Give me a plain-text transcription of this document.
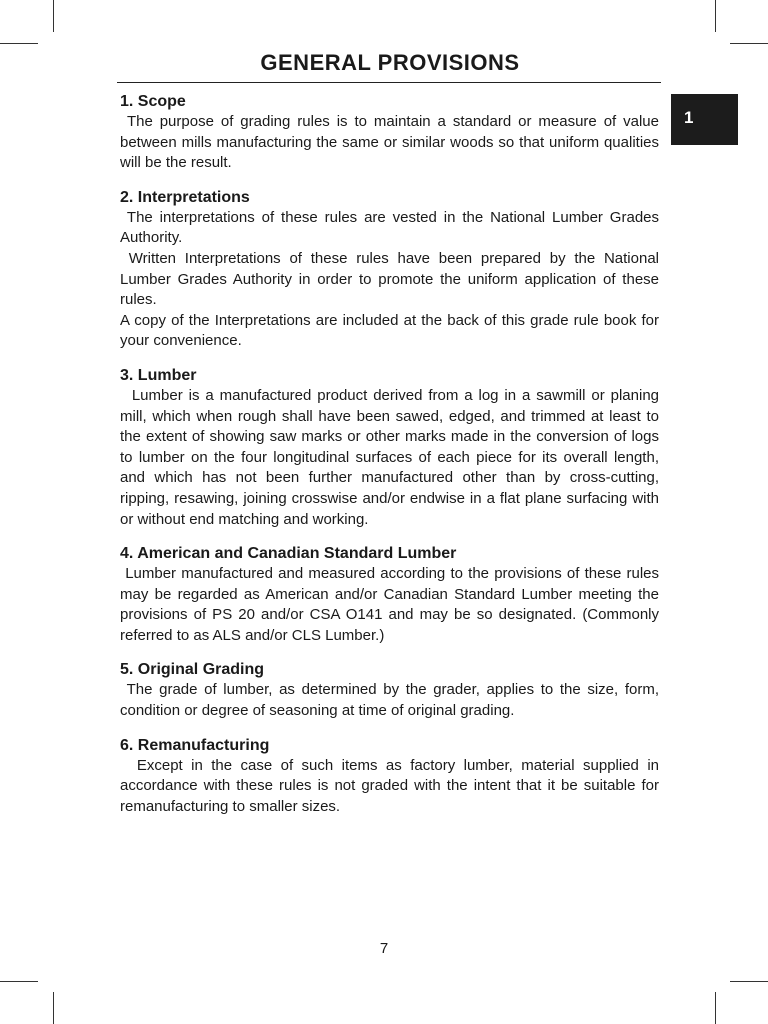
GENERAL PROVISIONS
1

1. Scope

The purpose of grading rules is to maintain a standard or measure of value between mills manufacturing the same or similar woods so that uniform qualities will be the result.

2. Interpretations

The interpretations of these rules are vested in the National Lumber Grades Authority.

Written Interpretations of these rules have been prepared by the National Lumber Grades Authority in order to promote the uniform application of these rules.

A copy of the Interpretations are included at the back of this grade rule book for your convenience.

3. Lumber

Lumber is a manufactured product derived from a log in a sawmill or planing mill, which when rough shall have been sawed, edged, and trimmed at least to the extent of showing saw marks or other marks made in the conversion of logs to lumber on the four longitudinal surfaces of each piece for its overall length, and which has not been further manufactured other than by cross-cutting, ripping, resawing, joining crosswise and/or endwise in a flat plane surfacing with or without end matching and working.

4. American and Canadian Standard Lumber

Lumber manufactured and measured according to the provisions of these rules may be regarded as American and/or Canadian Standard Lumber meeting the provisions of PS 20 and/or CSA O141 and may be so designated. (Commonly referred to as ALS and/or CLS Lumber.)

5. Original Grading

The grade of lumber, as determined by the grader, applies to the size, form, condition or degree of seasoning at time of original grading.

6. Remanufacturing

Except in the case of such items as factory lumber, material supplied in accordance with these rules is not graded with the intent that it be suitable for remanufacturing to smaller sizes.

7
